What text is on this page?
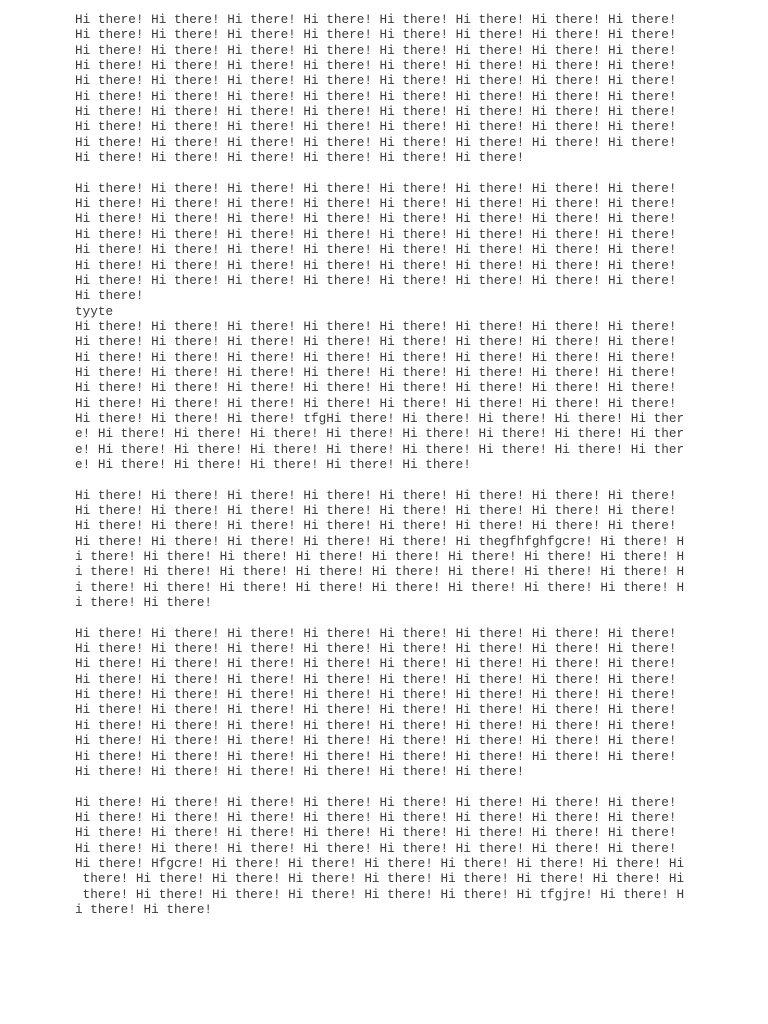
Hi there! Hi there! Hi there! Hi there! Hi there! Hi there! Hi there! Hi there!
Hi there! Hi there! Hi there! Hi there! Hi there! Hi there! Hi there! Hi there!
Hi there! Hi there! Hi there! Hi there! Hi there! Hi there! Hi there! Hi there!
Hi there! Hi there! Hi there! Hi there! Hi there! Hi there! Hi there! Hi there!
Hi there! Hi there! Hi there! Hi there! Hi there! Hi there! Hi there! Hi there!
Hi there! Hi there! Hi there! Hi there! Hi there! Hi there! Hi there! Hi there!
Hi there! Hi there! Hi there! Hi there! Hi there! Hi there! Hi there! Hi there!
Hi there! Hi there! Hi there! Hi there! Hi there! Hi there! Hi there! Hi there!
Hi there! Hi there! Hi there! Hi there! Hi there! Hi there! Hi there! Hi there!
Hi there! Hi there! Hi there! Hi there! Hi there! Hi there!
Hi there! Hi there! Hi there! Hi there! Hi there! Hi there! Hi there! Hi there!
Hi there! Hi there! Hi there! Hi there! Hi there! Hi there! Hi there! Hi there!
Hi there! Hi there! Hi there! Hi there! Hi there! Hi there! Hi there! Hi there!
Hi there! Hi there! Hi there! Hi there! Hi there! Hi there! Hi there! Hi there!
Hi there! Hi there! Hi there! Hi there! Hi there! Hi there! Hi there! Hi there!
Hi there! Hi there! Hi there! Hi there! Hi there! Hi there! Hi there! Hi there!
Hi there! Hi there! Hi there! Hi there! Hi there! Hi there! Hi there! Hi there!
Hi there!
tyyte
Hi there! Hi there! Hi there! Hi there! Hi there! Hi there! Hi there! Hi there!
Hi there! Hi there! Hi there! Hi there! Hi there! Hi there! Hi there! Hi there!
Hi there! Hi there! Hi there! Hi there! Hi there! Hi there! Hi there! Hi there!
Hi there! Hi there! Hi there! Hi there! Hi there! Hi there! Hi there! Hi there!
Hi there! Hi there! Hi there! Hi there! Hi there! Hi there! Hi there! Hi there!
Hi there! Hi there! Hi there! Hi there! Hi there! Hi there! Hi there! Hi there!
Hi there! Hi there! Hi there! tfgHi there! Hi there! Hi there! Hi there! Hi ther
e! Hi there! Hi there! Hi there! Hi there! Hi there! Hi there! Hi there! Hi ther
e! Hi there! Hi there! Hi there! Hi there! Hi there! Hi there! Hi there! Hi ther
e! Hi there! Hi there! Hi there! Hi there! Hi there!
Hi there! Hi there! Hi there! Hi there! Hi there! Hi there! Hi there! Hi there!
Hi there! Hi there! Hi there! Hi there! Hi there! Hi there! Hi there! Hi there!
Hi there! Hi there! Hi there! Hi there! Hi there! Hi there! Hi there! Hi there!
Hi there! Hi there! Hi there! Hi there! Hi there! Hi thegfhfghfgcre! Hi there! H
i there! Hi there! Hi there! Hi there! Hi there! Hi there! Hi there! Hi there! H
i there! Hi there! Hi there! Hi there! Hi there! Hi there! Hi there! Hi there! H
i there! Hi there! Hi there! Hi there! Hi there! Hi there! Hi there! Hi there! H
i there! Hi there!
Hi there! Hi there! Hi there! Hi there! Hi there! Hi there! Hi there! Hi there!
Hi there! Hi there! Hi there! Hi there! Hi there! Hi there! Hi there! Hi there!
Hi there! Hi there! Hi there! Hi there! Hi there! Hi there! Hi there! Hi there!
Hi there! Hi there! Hi there! Hi there! Hi there! Hi there! Hi there! Hi there!
Hi there! Hi there! Hi there! Hi there! Hi there! Hi there! Hi there! Hi there!
Hi there! Hi there! Hi there! Hi there! Hi there! Hi there! Hi there! Hi there!
Hi there! Hi there! Hi there! Hi there! Hi there! Hi there! Hi there! Hi there!
Hi there! Hi there! Hi there! Hi there! Hi there! Hi there! Hi there! Hi there!
Hi there! Hi there! Hi there! Hi there! Hi there! Hi there! Hi there! Hi there!
Hi there! Hi there! Hi there! Hi there! Hi there! Hi there!
Hi there! Hi there! Hi there! Hi there! Hi there! Hi there! Hi there! Hi there!
Hi there! Hi there! Hi there! Hi there! Hi there! Hi there! Hi there! Hi there!
Hi there! Hi there! Hi there! Hi there! Hi there! Hi there! Hi there! Hi there!
Hi there! Hi there! Hi there! Hi there! Hi there! Hi there! Hi there! Hi there!
Hi there! Hfgcre! Hi there! Hi there! Hi there! Hi there! Hi there! Hi there! Hi
there! Hi there! Hi there! Hi there! Hi there! Hi there! Hi there! Hi there! Hi
there! Hi there! Hi there! Hi there! Hi there! Hi there! Hi tfgjre! Hi there! H
i there! Hi there!
